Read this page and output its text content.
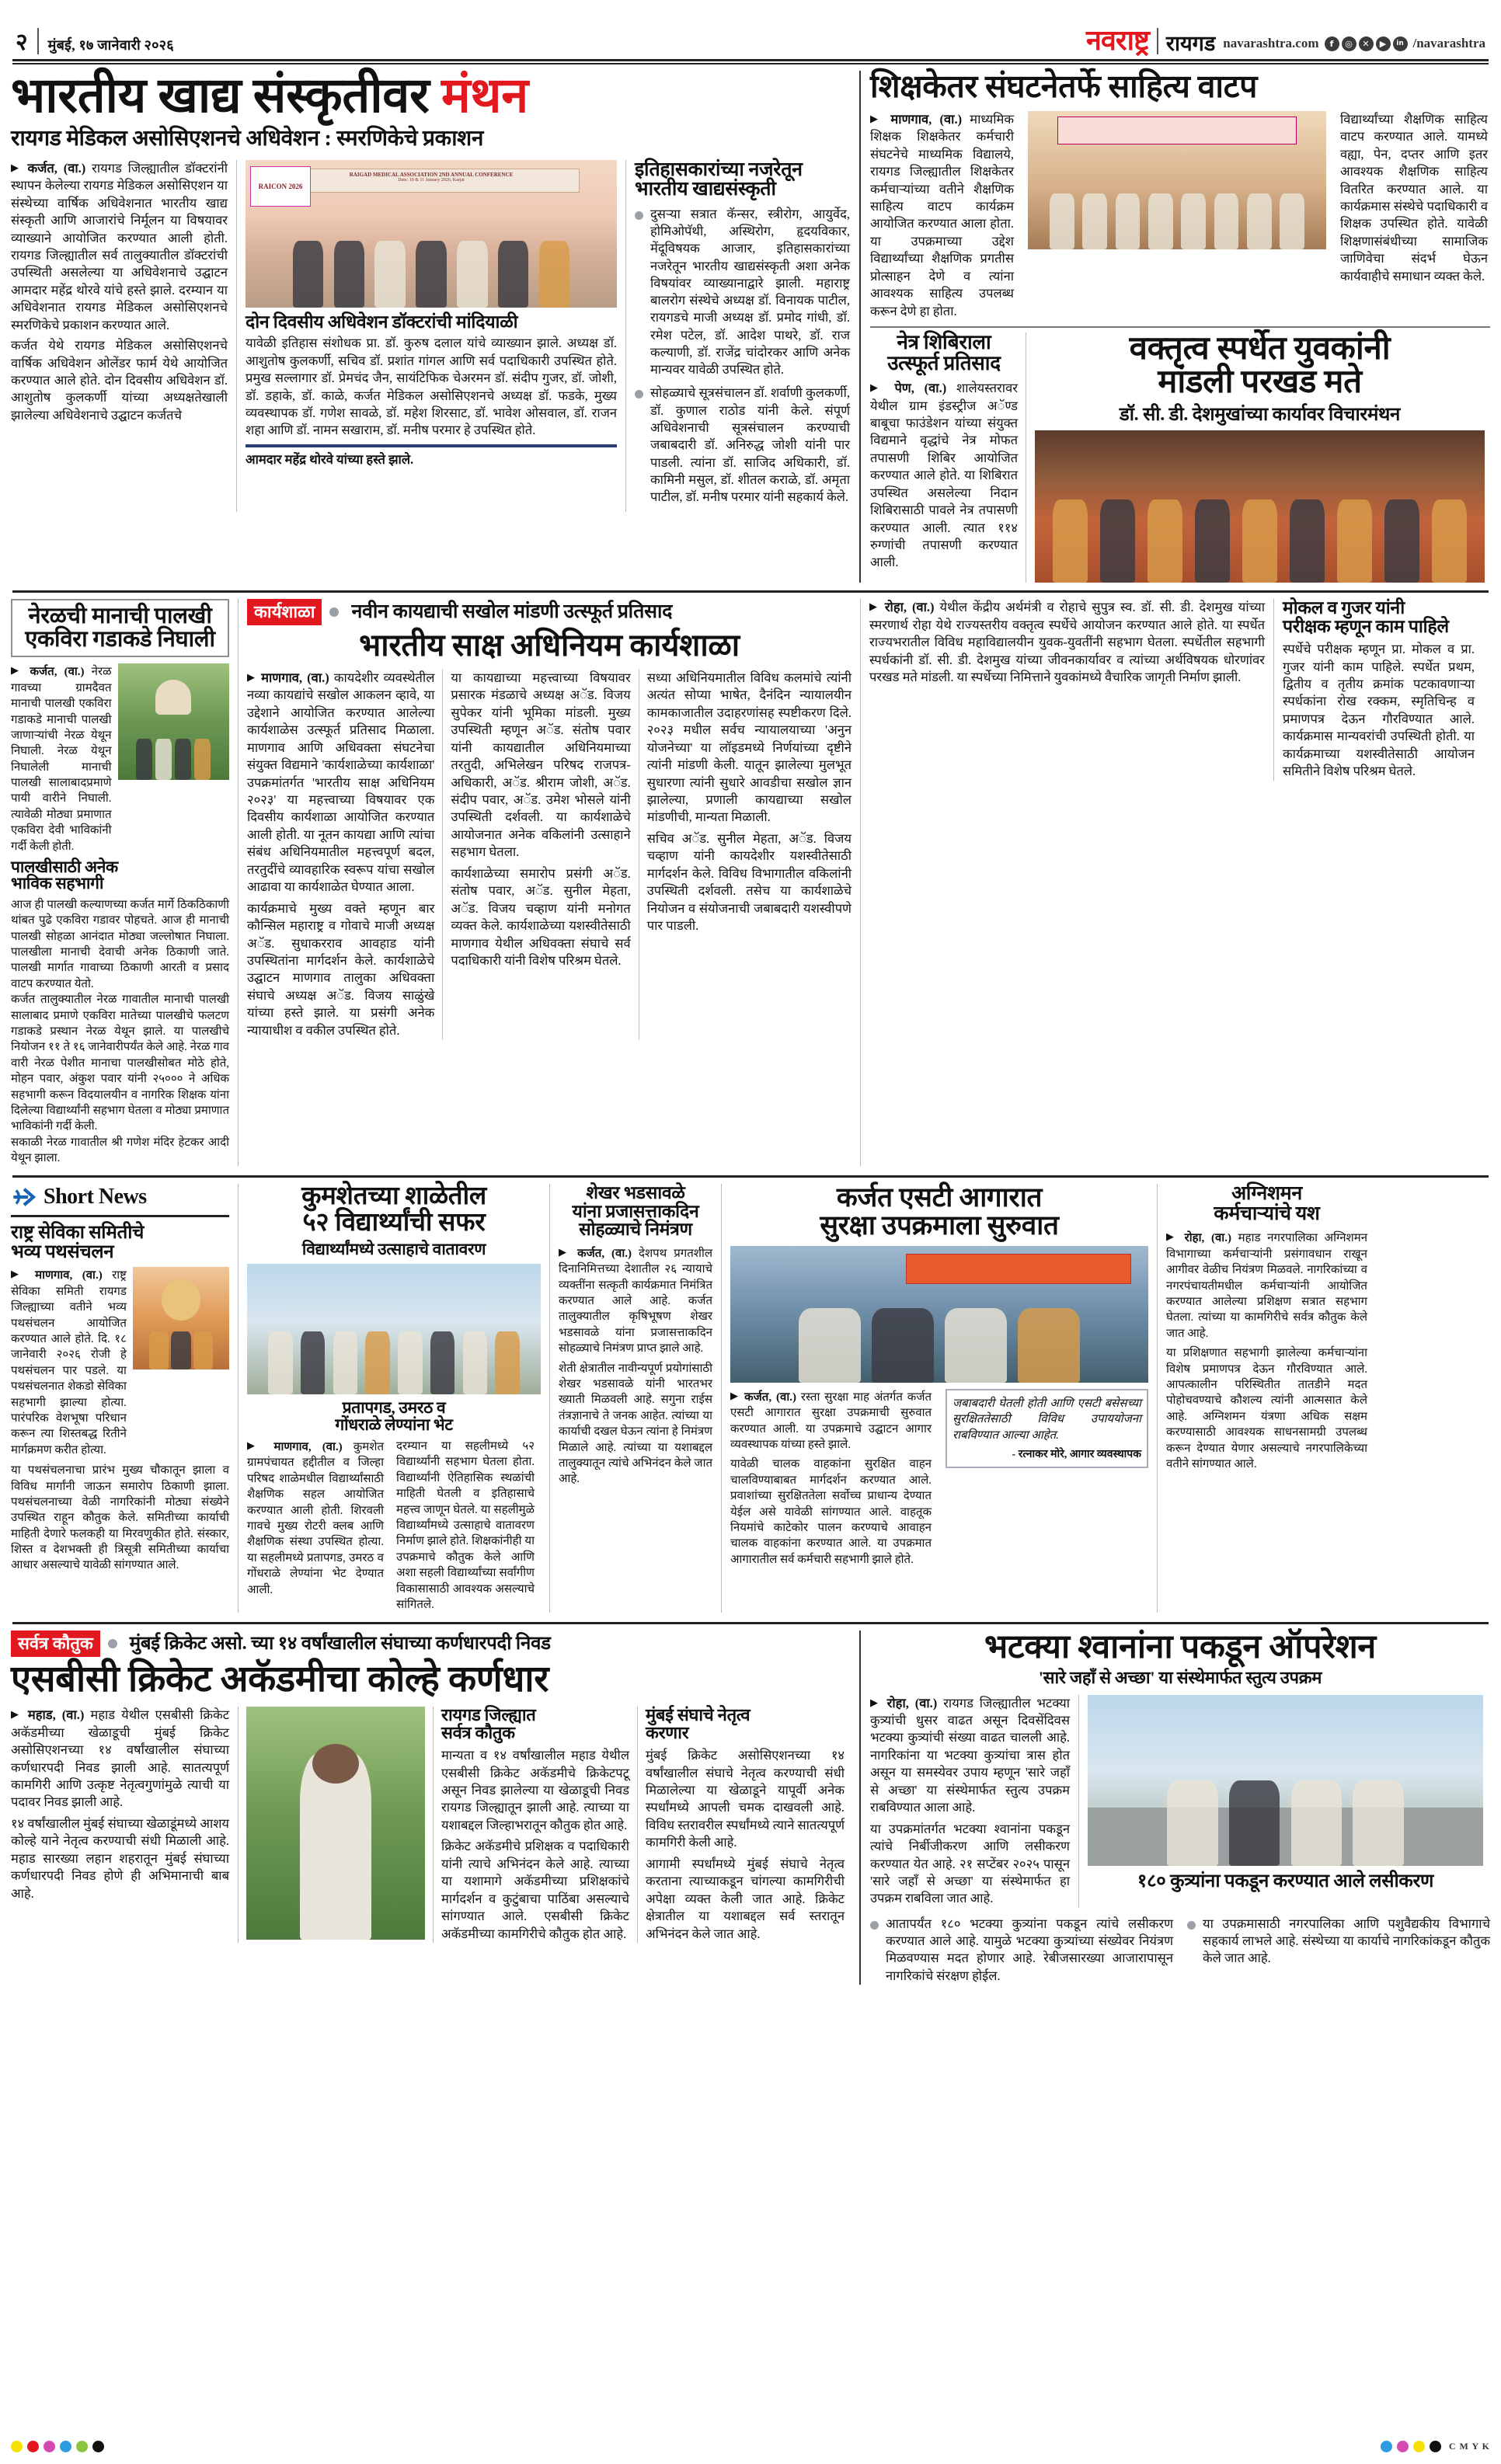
२ मुंबई, १७ जानेवारी २०२६	नवराष्ट्र रायगड navarashtra.com	f	◎	✕	▶	in /navarashtra
भारतीय खाद्य संस्कृतीवर मंथन
रायगड मेडिकल असोसिएशनचे अधिवेशन : स्मरणिकेचे प्रकाशन
▶ कर्जत, (वा.) रायगड जिल्ह्यातील डॉक्टरांनी स्थापन केलेल्या रायगड मेडिकल असोसिएशन या संस्थेच्या वार्षिक अधिवेशनात भारतीय खाद्य संस्कृती आणि आजारांचे निर्मूलन या विषयावर व्याख्याने आयोजित करण्यात आली होती. रायगड जिल्ह्यातील सर्व तालुक्यातील डॉक्टरांची उपस्थिती असलेल्या या अधिवेशनाचे उद्घाटन आमदार महेंद्र थोरवे यांचे हस्ते झाले. दरम्यान या अधिवेशनात रायगड मेडिकल असोसिएशनचे स्मरणिकेचे प्रकाशन करण्यात आले.
कर्जत येथे रायगड मेडिकल असोसिएशनचे वार्षिक अधिवेशन ओलेंडर फार्म येथे आयोजित करण्यात आले होते. दोन दिवसीय अधिवेशन डॉ. आशुतोष कुलकर्णी यांच्या अध्यक्षतेखाली झालेल्या अधिवेशनाचे उद्घाटन कर्जतचे
RAIGAD MEDICAL ASSOCIATION 2ND ANNUAL CONFERENCE
Date: 10 & 11 January 2026, Karjat
RAICON 2026
दोन दिवसीय अधिवेशन डॉक्टरांची मांदियाळी
यावेळी इतिहास संशोधक प्रा. डॉ. कुरुष दलाल यांचे व्याख्यान झाले. अध्यक्ष डॉ. आशुतोष कुलकर्णी, सचिव डॉ. प्रशांत गांगल आणि सर्व पदाधिकारी उपस्थित होते. प्रमुख सल्लागार डॉ. प्रेमचंद जैन, सायंटिफिक चेअरमन डॉ. संदीप गुजर, डॉ. जोशी, डॉ. डहाके, डॉ. काळे, कर्जत मेडिकल असोसिएशनचे अध्यक्ष डॉ. फडके, मुख्य व्यवस्थापक डॉ. गणेश सावळे, डॉ. महेश शिरसाट, डॉ. भावेश ओसवाल, डॉ. राजन शहा आणि डॉ. नामन सखाराम, डॉ. मनीष परमार हे उपस्थित होते.
आमदार महेंद्र थोरवे यांच्या हस्ते झाले.
इतिहासकारांच्या नजरेतून
भारतीय खाद्यसंस्कृती
दुसऱ्या सत्रात कॅन्सर, स्त्रीरोग, आयुर्वेद, होमिओपॅथी, अस्थिरोग, हृदयविकार, मेंदूविषयक आजार, इतिहासकारांच्या नजरेतून भारतीय खाद्यसंस्कृती अशा अनेक विषयांवर व्याख्यानाद्वारे झाली. महाराष्ट्र बालरोग संस्थेचे अध्यक्ष डॉ. विनायक पाटील, रायगडचे माजी अध्यक्ष डॉ. प्रमोद गांधी, डॉ. रमेश पटेल, डॉ. आदेश पाथरे, डॉ. राज कल्याणी, डॉ. राजेंद्र चांदोरकर आणि अनेक मान्यवर यावेळी उपस्थित होते.
सोहळ्याचे सूत्रसंचालन डॉ. शर्वाणी कुलकर्णी, डॉ. कुणाल राठोड यांनी केले. संपूर्ण अधिवेशनाची सूत्रसंचालन करण्याची जबाबदारी डॉ. अनिरुद्ध जोशी यांनी पार पाडली. त्यांना डॉ. साजिद अधिकारी, डॉ. कामिनी मसुल, डॉ. शीतल कराळे, डॉ. अमृता पाटील, डॉ. मनीष परमार यांनी सहकार्य केले.
शिक्षकेतर संघटनेतर्फे साहित्य वाटप
▶ माणगाव, (वा.) माध्यमिक शिक्षक शिक्षकेतर कर्मचारी संघटनेचे माध्यमिक विद्यालये, रायगड जिल्ह्यातील शिक्षकेतर कर्मचाऱ्यांच्या वतीने शैक्षणिक साहित्य वाटप कार्यक्रम आयोजित करण्यात आला होता. या उपक्रमाच्या उद्देश विद्यार्थ्यांच्या शैक्षणिक प्रगतीस प्रोत्साहन देणे व त्यांना आवश्यक साहित्य उपलब्ध करून देणे हा होता.

विद्यार्थ्यांच्या शैक्षणिक साहित्य वाटप करण्यात आले. यामध्ये वह्या, पेन, दप्तर आणि इतर आवश्यक शैक्षणिक साहित्य वितरित करण्यात आले. या कार्यक्रमास संस्थेचे पदाधिकारी व शिक्षक उपस्थित होते. यावेळी शिक्षणासंबंधीच्या सामाजिक जाणिवेचा संदर्भ घेऊन कार्यवाहीचे समाधान व्यक्त केले.
नेत्र शिबिराला
उत्स्फूर्त प्रतिसाद
▶ पेण, (वा.) शालेयस्तरावर येथील ग्राम इंडस्ट्रीज अॅण्ड बाबूचा फाउंडेशन यांच्या संयुक्त विद्यमाने वृद्धांचे नेत्र मोफत तपासणी शिबिर आयोजित करण्यात आले होते. या शिबिरात उपस्थित असलेल्या निदान शिबिरासाठी पावले नेत्र तपासणी करण्यात आली. त्यात ११४ रुग्णांची तपासणी करण्यात आली.
वक्तृत्व स्पर्धेत युवकांनी
मांडली परखड मते
डॉ. सी. डी. देशमुखांच्या कार्यावर विचारमंथन
नेरळची मानाची पालखी
एकविरा गडाकडे निघाली
▶ कर्जत, (वा.) नेरळ गावच्या ग्रामदैवत मानाची पालखी एकविरा गडाकडे मानाची पालखी जाणाऱ्यांची नेरळ येथून निघाली. नेरळ येथून निघालेली मानाची पालखी सालाबादप्रमाणे पायी वारीने निघाली. त्यावेळी मोठ्या प्रमाणात एकविरा देवी भाविकांनी गर्दी केली होती.
पालखीसाठी अनेक
भाविक सहभागी
आज ही पालखी कल्याणच्या कर्जत मार्गे ठिकठिकाणी थांबत पुढे एकविरा गडावर पोहचते. आज ही मानाची पालखी सोहळा आनंदात मोठ्या जल्लोषात निघाला. पालखीला मानाची देवाची अनेक ठिकाणी जाते. पालखी मार्गात गावाच्या ठिकाणी आरती व प्रसाद वाटप करण्यात येतो.
कर्जत तालुक्यातील नेरळ गावातील मानाची पालखी सालाबाद प्रमाणे एकविरा मातेच्या पालखीचे फलटण गडाकडे प्रस्थान नेरळ येथून झाले. या पालखीचे नियोजन ११ ते १६ जानेवारीपर्यंत केले आहे. नेरळ गाव वारी नेरळ पेशीत मानाचा पालखीसोबत मोठे होते, मोहन पवार, अंकुश पवार यांनी २५००० ने अधिक सहभागी करून विदयालयीन व नागरिक शिक्षक यांना दिलेल्या विद्यार्थ्यांनी सहभाग घेतला व मोठ्या प्रमाणात भाविकांनी गर्दी केली.
सकाळी नेरळ गावातील श्री गणेश मंदिर हेटकर आदी येथून झाला.
कार्यशाळा	नवीन कायद्याची सखोल मांडणी उत्स्फूर्त प्रतिसाद
भारतीय साक्ष अधिनियम कार्यशाळा
▶ माणगाव, (वा.) कायदेशीर व्यवस्थेतील नव्या कायद्यांचे सखोल आकलन व्हावे, या उद्देशाने आयोजित करण्यात आलेल्या कार्यशाळेस उत्स्फूर्त प्रतिसाद मिळाला. माणगाव आणि अधिवक्ता संघटनेचा संयुक्त विद्यमाने 'कार्यशाळेच्या कार्यशाळा' उपक्रमांतर्गत 'भारतीय साक्ष अधिनियम २०२३' या महत्त्वाच्या विषयावर एक दिवसीय कार्यशाळा आयोजित करण्यात आली होती. या नूतन कायद्या आणि त्यांचा संबंध अधिनियमातील महत्त्वपूर्ण बदल, तरतुदींचे व्यावहारिक स्वरूप यांचा सखोल आढावा या कार्यशाळेत घेण्यात आला.
कार्यक्रमाचे मुख्य वक्ते म्हणून बार कौन्सिल महाराष्ट्र व गोवाचे माजी अध्यक्ष अॅड. सुधाकरराव आवहाड यांनी उपस्थितांना मार्गदर्शन केले. कार्यशाळेचे उद्घाटन माणगाव तालुका अधिवक्ता संघाचे अध्यक्ष अॅड. विजय साळुंखे यांच्या हस्ते झाले. या प्रसंगी अनेक न्यायाधीश व वकील उपस्थित होते.
या कायद्याच्या महत्त्वाच्या विषयावर प्रसारक मंडळाचे अध्यक्ष अॅड. विजय सुपेकर यांनी भूमिका मांडली. मुख्य उपस्थिती म्हणून अॅड. संतोष पवार यांनी कायद्यातील अधिनियमाच्या तरतुदी, अभिलेखन परिषद राजपत्र-अधिकारी, अॅड. श्रीराम जोशी, अॅड. संदीप पवार, अॅड. उमेश भोसले यांनी उपस्थिती दर्शवली. या कार्यशाळेचे आयोजनात अनेक वकिलांनी उत्साहाने सहभाग घेतला.
कार्यशाळेच्या समारोप प्रसंगी अॅड. संतोष पवार, अॅड. सुनील मेहता, अॅड. विजय चव्हाण यांनी मनोगत व्यक्त केले. कार्यशाळेच्या यशस्वीतेसाठी माणगाव येथील अधिवक्ता संघाचे सर्व पदाधिकारी यांनी विशेष परिश्रम घेतले.
सध्या अधिनियमातील विविध कलमांचे त्यांनी अत्यंत सोप्या भाषेत, दैनंदिन न्यायालयीन कामकाजातील उदाहरणांसह स्पष्टीकरण दिले. २०२३ मधील सर्वच न्यायालयाच्या 'अनुन योजनेच्या' या लॉइडमध्ये निर्णयांच्या दृष्टीने त्यांनी मांडणी केली. यातून झालेल्या मुलभूत सुधारणा त्यांनी सुधारे आवडीचा सखोल ज्ञान झालेल्या, प्रणाली कायद्याच्या सखोल मांडणीची, मान्यता मिळाली.
सचिव अॅड. सुनील मेहता, अॅड. विजय चव्हाण यांनी कायदेशीर यशस्वीतेसाठी मार्गदर्शन केले. विविध विभागातील वकिलांनी उपस्थिती दर्शवली. तसेच या कार्यशाळेचे नियोजन व संयोजनाची जबाबदारी यशस्वीपणे पार पाडली.
▶ रोहा, (वा.) येथील केंद्रीय अर्थमंत्री व रोहाचे सुपुत्र स्व. डॉ. सी. डी. देशमुख यांच्या स्मरणार्थ रोहा येथे राज्यस्तरीय वक्तृत्व स्पर्धेचे आयोजन करण्यात आले होते. या स्पर्धेत राज्यभरातील विविध महाविद्यालयीन युवक-युवतींनी सहभाग घेतला. स्पर्धेतील सहभागी स्पर्धकांनी डॉ. सी. डी. देशमुख यांच्या जीवनकार्यावर व त्यांच्या अर्थविषयक धोरणांवर परखड मते मांडली. या स्पर्धेच्या निमित्ताने युवकांमध्ये वैचारिक जागृती निर्माण झाली.
मोकल व गुजर यांनी
परीक्षक म्हणून काम पाहिले
स्पर्धेचे परीक्षक म्हणून प्रा. मोकल व प्रा. गुजर यांनी काम पाहिले. स्पर्धेत प्रथम, द्वितीय व तृतीय क्रमांक पटकावणाऱ्या स्पर्धकांना रोख रक्कम, स्मृतिचिन्ह व प्रमाणपत्र देऊन गौरविण्यात आले. कार्यक्रमास मान्यवरांची उपस्थिती होती. या कार्यक्रमाच्या यशस्वीतेसाठी आयोजन समितीने विशेष परिश्रम घेतले.
Short News
राष्ट्र सेविका समितीचे
भव्य पथसंचलन
▶ माणगाव, (वा.) राष्ट्र सेविका समिती रायगड जिल्ह्याच्या वतीने भव्य पथसंचलन आयोजित करण्यात आले होते. दि. १८ जानेवारी २०२६ रोजी हे पथसंचलन पार पडले. या पथसंचलनात शेकडो सेविका सहभागी झाल्या होत्या. पारंपरिक वेशभूषा परिधान करून त्या शिस्तबद्ध रितीने मार्गक्रमण करीत होत्या.
या पथसंचलनाचा प्रारंभ मुख्य चौकातून झाला व विविध मार्गांनी जाऊन समारोप ठिकाणी झाला. पथसंचलनाच्या वेळी नागरिकांनी मोठ्या संख्येने उपस्थित राहून कौतुक केले. समितीच्या कार्याची माहिती देणारे फलकही या मिरवणुकीत होते. संस्कार, शिस्त व देशभक्ती ही त्रिसूत्री समितीच्या कार्याचा आधार असल्याचे यावेळी सांगण्यात आले.
कुमशेतच्या शाळेतील
५२ विद्यार्थ्यांची सफर
विद्यार्थ्यांमध्ये उत्साहाचे वातावरण
प्रतापगड, उमरठ व
गोंधराळे लेण्यांना भेट
▶ माणगाव, (वा.) कुमशेत ग्रामपंचायत हद्दीतील व जिल्हा परिषद शाळेमधील विद्यार्थ्यांसाठी शैक्षणिक सहल आयोजित करण्यात आली होती. शिरवली गावचे मुख्य रोटरी क्लब आणि शैक्षणिक संस्था उपस्थित होत्या. या सहलीमध्ये प्रतापगड, उमरठ व गोंधराळे लेण्यांना भेट देण्यात आली.
दरम्यान या सहलीमध्ये ५२ विद्यार्थ्यांनी सहभाग घेतला होता. विद्यार्थ्यांनी ऐतिहासिक स्थळांची माहिती घेतली व इतिहासाचे महत्त्व जाणून घेतले. या सहलीमुळे विद्यार्थ्यांमध्ये उत्साहाचे वातावरण निर्माण झाले होते. शिक्षकांनीही या उपक्रमाचे कौतुक केले आणि अशा सहली विद्यार्थ्यांच्या सर्वांगीण विकासासाठी आवश्यक असल्याचे सांगितले.
शेखर भडसावळे
यांना प्रजासत्ताकदिन
सोहळ्याचे निमंत्रण
▶ कर्जत, (वा.) देशपथ प्रगतशील दिनानिमित्तच्या देशातील २६ न्यायाचे व्यक्तींना सत्कृती कार्यक्रमात निमंत्रित करण्यात आले आहे. कर्जत तालुक्यातील कृषिभूषण शेखर भडसावळे यांना प्रजासत्ताकदिन सोहळ्याचे निमंत्रण प्राप्त झाले आहे.
शेती क्षेत्रातील नावीन्यपूर्ण प्रयोगांसाठी शेखर भडसावळे यांनी भारतभर ख्याती मिळवली आहे. सगुना राईस तंत्रज्ञानाचे ते जनक आहेत. त्यांच्या या कार्याची दखल घेऊन त्यांना हे निमंत्रण मिळाले आहे. त्यांच्या या यशाबद्दल तालुक्यातून त्यांचे अभिनंदन केले जात आहे.
कर्जत एसटी आगारात
सुरक्षा उपक्रमाला सुरुवात

▶ कर्जत, (वा.) रस्ता सुरक्षा माह अंतर्गत कर्जत एसटी आगारात सुरक्षा उपक्रमाची सुरुवात करण्यात आली. या उपक्रमाचे उद्घाटन आगार व्यवस्थापक यांच्या हस्ते झाले.
यावेळी चालक वाहकांना सुरक्षित वाहन चालविण्याबाबत मार्गदर्शन करण्यात आले. प्रवाशांच्या सुरक्षिततेला सर्वोच्च प्राधान्य देण्यात येईल असे यावेळी सांगण्यात आले. वाहतूक नियमांचे काटेकोर पालन करण्याचे आवाहन चालक वाहकांना करण्यात आले. या उपक्रमात आगारातील सर्व कर्मचारी सहभागी झाले होते.
जबाबदारी घेतली होती आणि एसटी बसेसच्या सुरक्षिततेसाठी विविध उपाययोजना राबविण्यात आल्या आहेत.
- रत्नाकर मोरे, आगार व्यवस्थापक
अग्निशमन
कर्मचाऱ्यांचे यश
▶ रोहा, (वा.) महाड नगरपालिका अग्निशमन विभागाच्या कर्मचाऱ्यांनी प्रसंगावधान राखून आगीवर वेळीच नियंत्रण मिळवले. नागरिकांच्या व नगरपंचायतीमधील कर्मचाऱ्यांनी आयोजित करण्यात आलेल्या प्रशिक्षण सत्रात सहभाग घेतला. त्यांच्या या कामगिरीचे सर्वत्र कौतुक केले जात आहे.
या प्रशिक्षणात सहभागी झालेल्या कर्मचाऱ्यांना विशेष प्रमाणपत्र देऊन गौरविण्यात आले. आपत्कालीन परिस्थितीत तातडीने मदत पोहोचवण्याचे कौशल्य त्यांनी आत्मसात केले आहे. अग्निशमन यंत्रणा अधिक सक्षम करण्यासाठी आवश्यक साधनसामग्री उपलब्ध करून देण्यात येणार असल्याचे नगरपालिकेच्या वतीने सांगण्यात आले.
सर्वत्र कौतुक	मुंबई क्रिकेट असो. च्या १४ वर्षांखालील संघाच्या कर्णधारपदी निवड
एसबीसी क्रिकेट अकॅडमीचा कोल्हे कर्णधार
▶ महाड, (वा.) महाड येथील एसबीसी क्रिकेट अकॅडमीच्या खेळाडूची मुंबई क्रिकेट असोसिएशनच्या १४ वर्षांखालील संघाच्या कर्णधारपदी निवड झाली आहे. सातत्यपूर्ण कामगिरी आणि उत्कृष्ट नेतृत्वगुणांमुळे त्याची या पदावर निवड झाली आहे.
१४ वर्षांखालील मुंबई संघाच्या खेळाडूंमध्ये आशय कोल्हे याने नेतृत्व करण्याची संधी मिळाली आहे. महाड सारख्या लहान शहरातून मुंबई संघाच्या कर्णधारपदी निवड होणे ही अभिमानाची बाब आहे.
रायगड जिल्ह्यात
सर्वत्र कौतुक
मान्यता व १४ वर्षांखालील महाड येथील एसबीसी क्रिकेट अकॅडमीचे क्रिकेटपटू असून निवड झालेल्या या खेळाडूची निवड रायगड जिल्ह्यातून झाली आहे. त्याच्या या यशाबद्दल जिल्हाभरातून कौतुक होत आहे.
क्रिकेट अकॅडमीचे प्रशिक्षक व पदाधिकारी यांनी त्याचे अभिनंदन केले आहे. त्याच्या या यशामागे अकॅडमीच्या प्रशिक्षकांचे मार्गदर्शन व कुटुंबाचा पाठिंबा असल्याचे सांगण्यात आले. एसबीसी क्रिकेट अकॅडमीच्या कामगिरीचे कौतुक होत आहे.
मुंबई संघाचे नेतृत्व
करणार
मुंबई क्रिकेट असोसिएशनच्या १४ वर्षांखालील संघाचे नेतृत्व करण्याची संधी मिळालेल्या या खेळाडूने यापूर्वी अनेक स्पर्धांमध्ये आपली चमक दाखवली आहे. विविध स्तरावरील स्पर्धांमध्ये त्याने सातत्यपूर्ण कामगिरी केली आहे.
आगामी स्पर्धांमध्ये मुंबई संघाचे नेतृत्व करताना त्याच्याकडून चांगल्या कामगिरीची अपेक्षा व्यक्त केली जात आहे. क्रिकेट क्षेत्रातील या यशाबद्दल सर्व स्तरातून अभिनंदन केले जात आहे.
भटक्या श्वानांना पकडून ऑपरेशन
'सारे जहाँ से अच्छा' या संस्थेमार्फत स्तुत्य उपक्रम
▶ रोहा, (वा.) रायगड जिल्ह्यातील भटक्या कुत्र्यांची धुसर वाढत असून दिवसेंदिवस भटक्या कुत्र्यांची संख्या वाढत चालली आहे. नागरिकांना या भटक्या कुत्र्यांचा त्रास होत असून या समस्येवर उपाय म्हणून 'सारे जहाँ से अच्छा' या संस्थेमार्फत स्तुत्य उपक्रम राबविण्यात आला आहे.
या उपक्रमांतर्गत भटक्या श्वानांना पकडून त्यांचे निर्बीजीकरण आणि लसीकरण करण्यात येत आहे. २१ सप्टेंबर २०२५ पासून 'सारे जहाँ से अच्छा' या संस्थेमार्फत हा उपक्रम राबविला जात आहे.
१८० कुत्र्यांना पकडून करण्यात आले लसीकरण
आतापर्यंत १८० भटक्या कुत्र्यांना पकडून त्यांचे लसीकरण करण्यात आले आहे. यामुळे भटक्या कुत्र्यांच्या संख्येवर नियंत्रण मिळवण्यास मदत होणार आहे. रेबीजसारख्या आजारापासून नागरिकांचे संरक्षण होईल.
या उपक्रमासाठी नगरपालिका आणि पशुवैद्यकीय विभागाचे सहकार्य लाभले आहे. संस्थेच्या या कार्याचे नागरिकांकडून कौतुक केले जात आहे.
C M Y K
